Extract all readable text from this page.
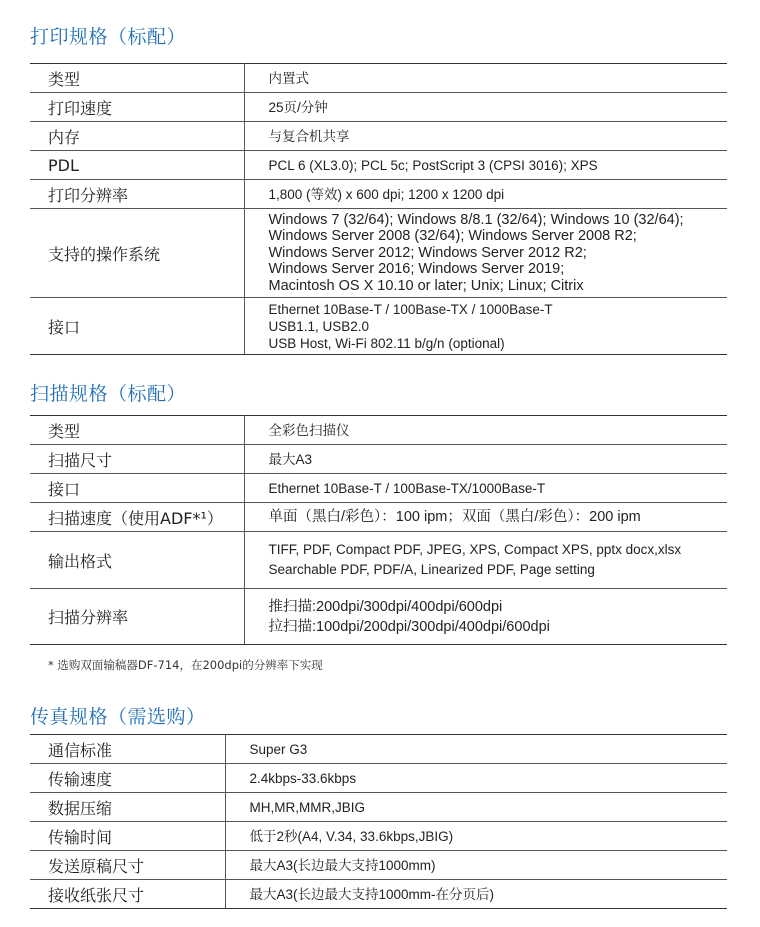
打印规格（标配）
类型	内置式

打印速度	25页/分钟

内存	与复合机共享

PDL	PCL 6 (XL3.0); PCL 5c; PostScript 3 (CPSI 3016); XPS

打印分辨率	1,800 (等效) x 600 dpi; 1200 x 1200 dpi

支持的操作系统	Windows 7 (32/64); Windows 8/8.1 (32/64); Windows 10 (32/64);
Windows Server 2008 (32/64); Windows Server 2008 R2;
Windows Server 2012; Windows Server 2012 R2;
Windows Server 2016; Windows Server 2019;
Macintosh OS X 10.10 or later; Unix; Linux; Citrix

接口	Ethernet 10Base-T / 100Base-TX / 1000Base-T
USB1.1, USB2.0
USB Host, Wi-Fi 802.11 b/g/n (optional)
扫描规格（标配）
类型	全彩色扫描仪

扫描尺寸	最大A3

接口	Ethernet 10Base-T / 100Base-TX/1000Base-T

扫描速度（使用ADF*¹）	单面（黑白/彩色）：100 ipm；双面（黑白/彩色）：200 ipm

输出格式	TIFF, PDF, Compact PDF, JPEG, XPS, Compact XPS, pptx docx,xlsx
Searchable PDF, PDF/A, Linearized PDF, Page setting

扫描分辨率	推扫描:200dpi/300dpi/400dpi/600dpi
拉扫描:100dpi/200dpi/300dpi/400dpi/600dpi
* 选购双面输稿器DF-714，在200dpi的分辨率下实现
传真规格（需选购）
通信标准	Super G3

传输速度	2.4kbps-33.6kbps

数据压缩	MH,MR,MMR,JBIG

传输时间	低于2秒(A4, V.34, 33.6kbps,JBIG)

发送原稿尺寸	最大A3(长边最大支持1000mm)

接收纸张尺寸	最大A3(长边最大支持1000mm-在分页后)
